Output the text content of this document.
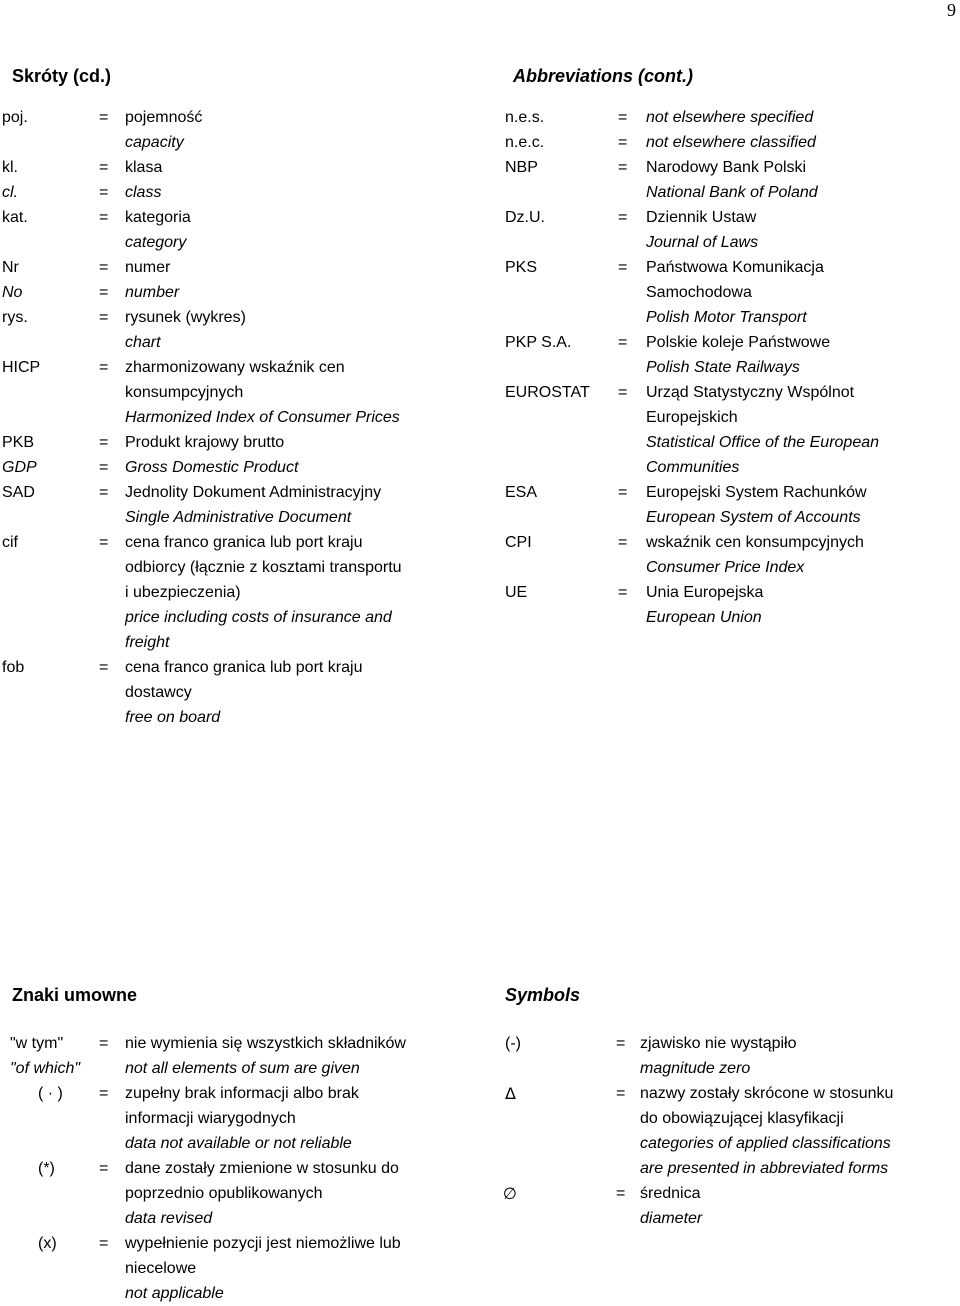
9
Skróty (cd.)	Abbreviations (cont.)
poj.	= pojemność
capacity
kl.	= klasa
cl.	= class
kat.	= kategoria
category
Nr	= numer
No	= number
rys.	= rysunek (wykres)
chart
HICP	= zharmonizowany wskaźnik cen
konsumpcyjnych
Harmonized Index of Consumer Prices
PKB	= Produkt krajowy brutto
GDP	= Gross Domestic Product
SAD	= Jednolity Dokument Administracyjny
Single Administrative Document
cif	= cena franco granica lub port kraju
odbiorcy (łącznie z kosztami transportu
i ubezpieczenia)
price including costs of insurance and
freight
fob	= cena franco granica lub port kraju
dostawcy
free on board
n.e.s.	= not elsewhere specified
n.e.c.	= not elsewhere classified
NBP	= Narodowy Bank Polski
National Bank of Poland
Dz.U.	= Dziennik Ustaw
Journal of Laws
PKS	= Państwowa Komunikacja
Samochodowa
Polish Motor Transport
PKP S.A.	= Polskie koleje Państwowe
Polish State Railways
EUROSTAT = Urząd Statystyczny Wspólnot
Europejskich
Statistical Office of the European
Communities
ESA	= Europejski System Rachunków
European System of Accounts
CPI	= wskaźnik cen konsumpcyjnych
Consumer Price Index
UE	= Unia Europejska
European Union
Znaki umowne	Symbols
"w tym" = nie wymienia się wszystkich składników
"of which"	not all elements of sum are given
( · ) = zupełny brak informacji albo brak
informacji wiarygodnych
data not available or not reliable
(*)	= dane zostały zmienione w stosunku do
poprzednio opublikowanych
data revised
(x)	= wypełnienie pozycji jest niemożliwe lub
niecelowe
not applicable
(-)	= zjawisko nie wystąpiło
magnitude zero
Δ	= nazwy zostały skrócone w stosunku
do obowiązującej klasyfikacji
categories of applied classifications
are presented in abbreviated forms
∅	= średnica
diameter
